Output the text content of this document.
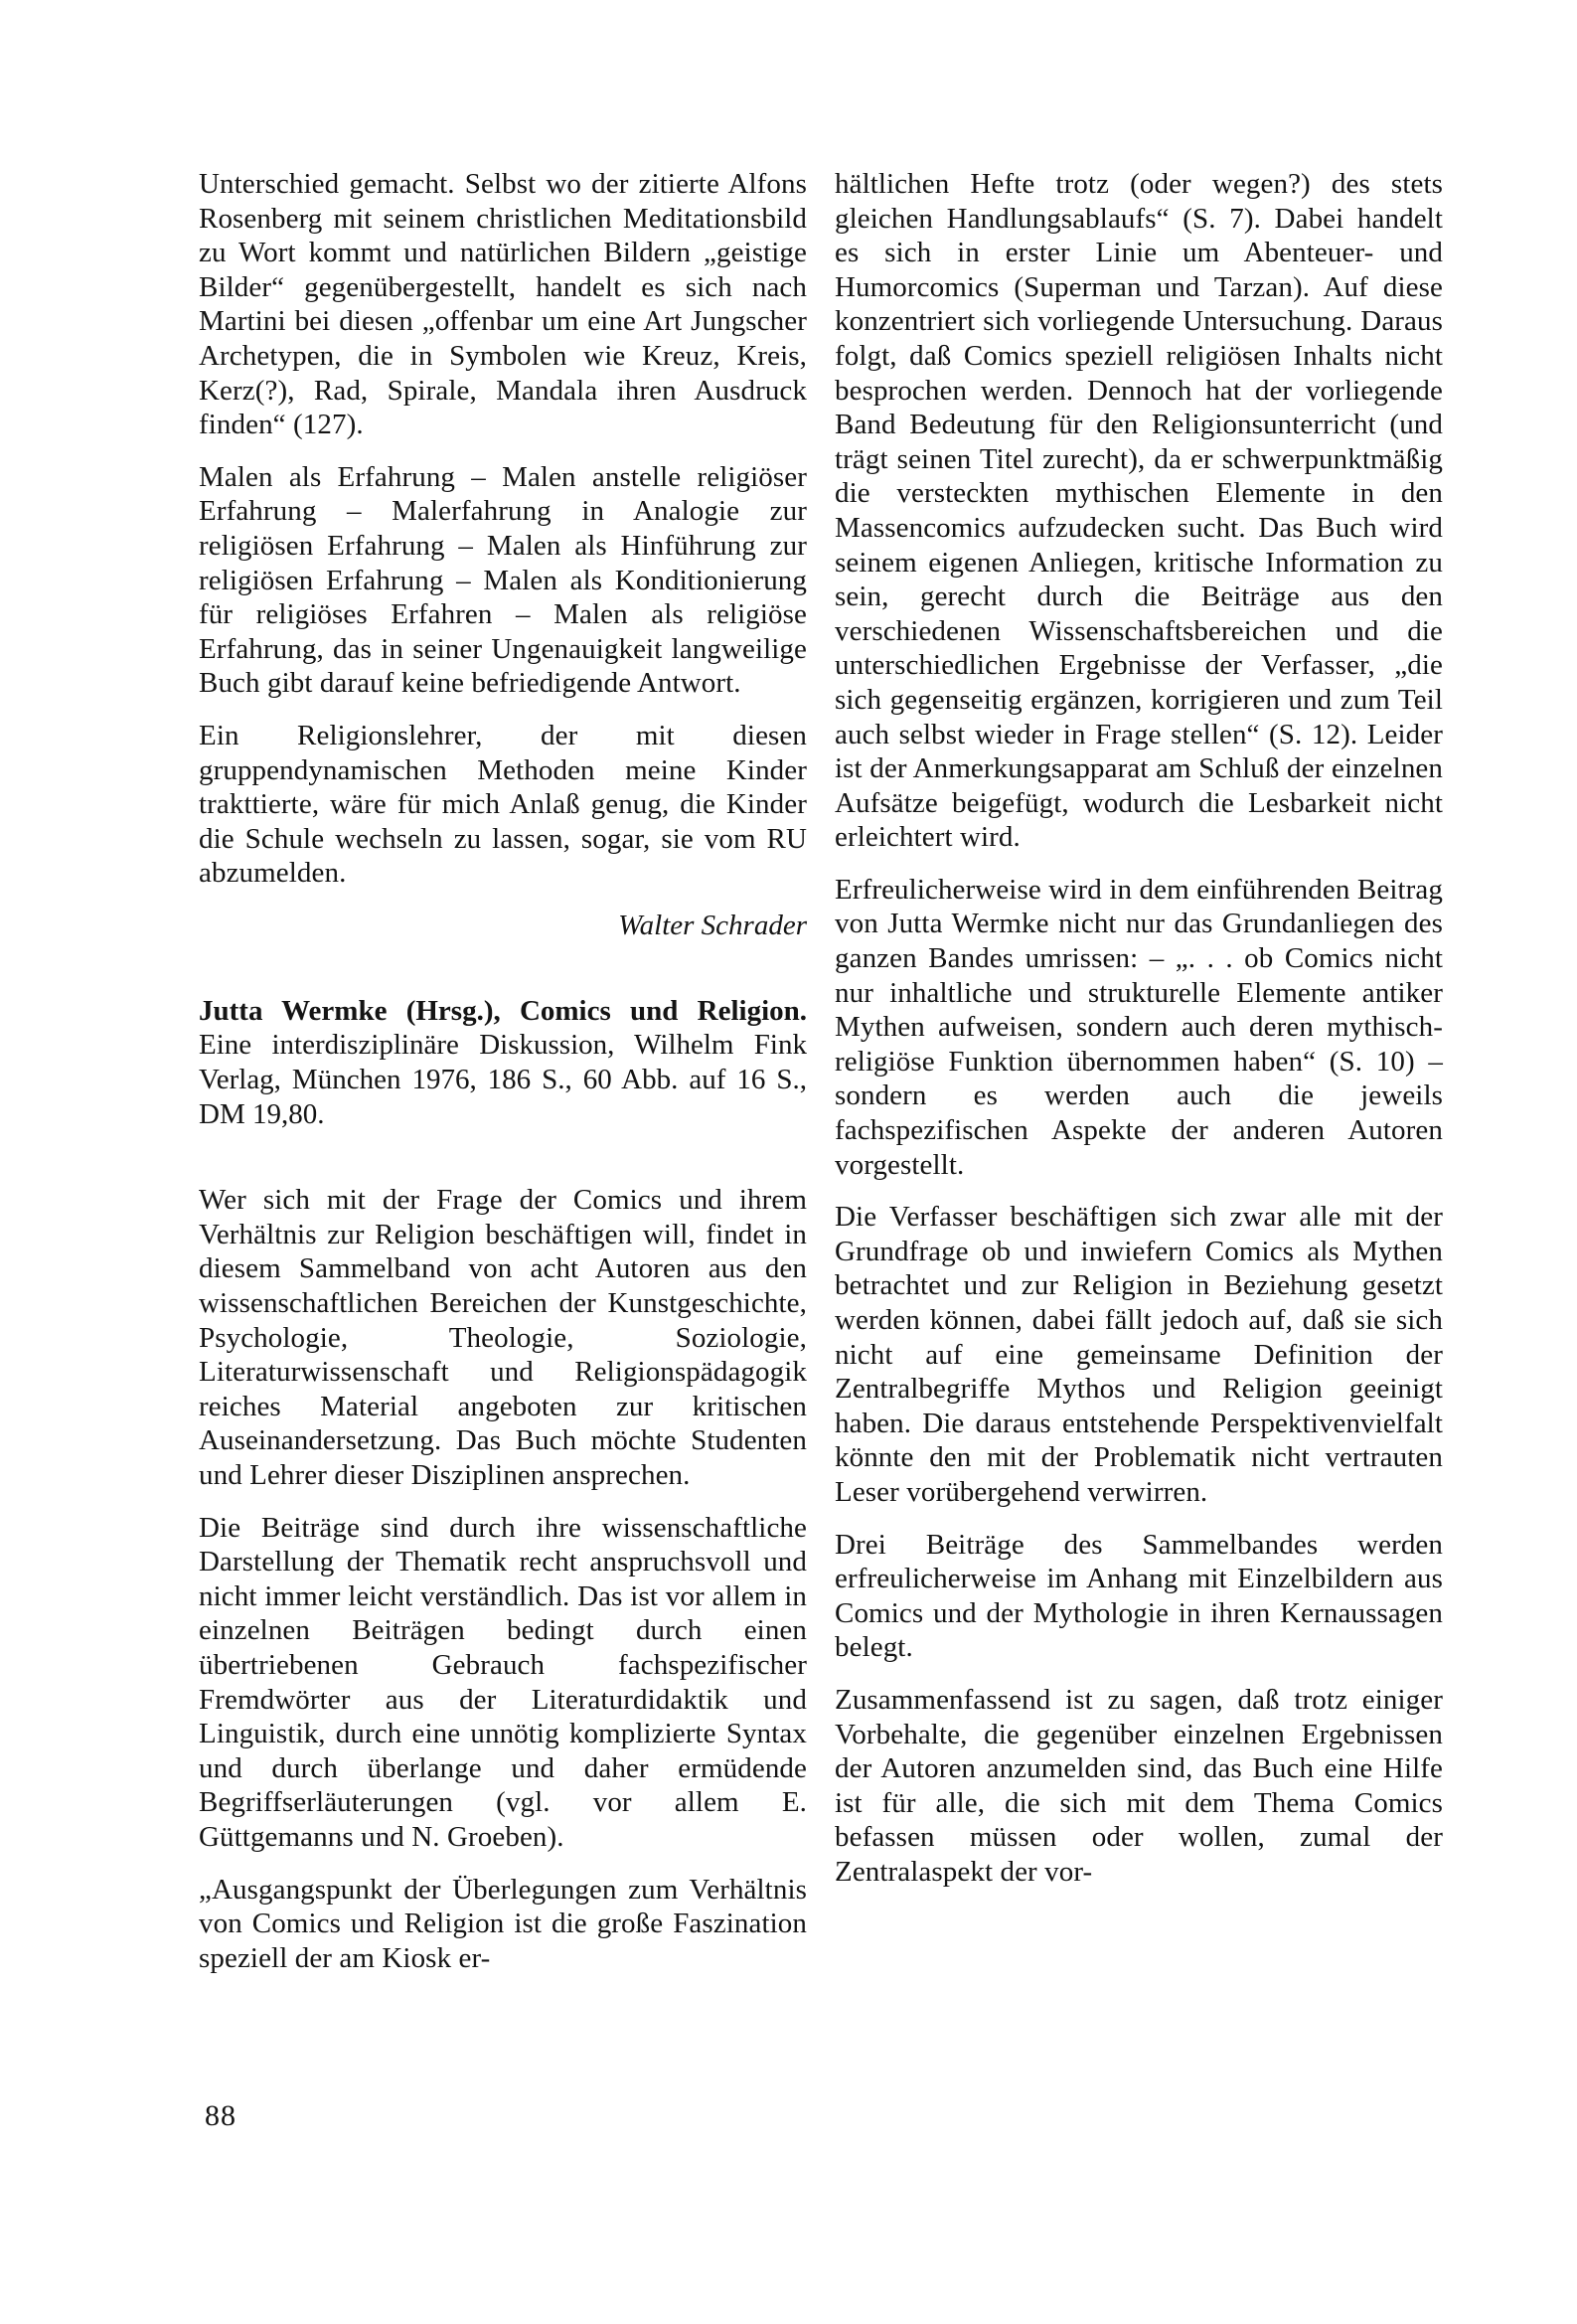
Unterschied gemacht. Selbst wo der zitierte Alfons Rosenberg mit seinem christlichen Meditationsbild zu Wort kommt und natürlichen Bildern „geistige Bilder“ gegenübergestellt, handelt es sich nach Martini bei diesen „offenbar um eine Art Jungscher Archetypen, die in Symbolen wie Kreuz, Kreis, Kerz(?), Rad, Spirale, Mandala ihren Ausdruck finden“ (127).

Malen als Erfahrung – Malen anstelle religiöser Erfahrung – Malerfahrung in Analogie zur religiösen Erfahrung – Malen als Hinführung zur religiösen Erfahrung – Malen als Konditionierung für religiöses Erfahren – Malen als religiöse Erfahrung, das in seiner Ungenauigkeit langweilige Buch gibt darauf keine befriedigende Antwort.

Ein Religionslehrer, der mit diesen gruppendynamischen Methoden meine Kinder trakttierte, wäre für mich Anlaß genug, die Kinder die Schule wechseln zu lassen, sogar, sie vom RU abzumelden.

Walter Schrader
Jutta Wermke (Hrsg.), Comics und Religion. Eine interdisziplinäre Diskussion, Wilhelm Fink Verlag, München 1976, 186 S., 60 Abb. auf 16 S., DM 19,80.

Wer sich mit der Frage der Comics und ihrem Verhältnis zur Religion beschäftigen will, findet in diesem Sammelband von acht Autoren aus den wissenschaftlichen Bereichen der Kunstgeschichte, Psychologie, Theologie, Soziologie, Literaturwissenschaft und Religionspädagogik reiches Material angeboten zur kritischen Auseinandersetzung. Das Buch möchte Studenten und Lehrer dieser Disziplinen ansprechen.

Die Beiträge sind durch ihre wissenschaftliche Darstellung der Thematik recht anspruchsvoll und nicht immer leicht verständlich. Das ist vor allem in einzelnen Beiträgen bedingt durch einen übertriebenen Gebrauch fachspezifischer Fremdwörter aus der Literaturdidaktik und Linguistik, durch eine unnötig komplizierte Syntax und durch überlange und daher ermüdende Begriffserläuterungen (vgl. vor allem E. Güttgemanns und N. Groeben).

„Ausgangspunkt der Überlegungen zum Verhältnis von Comics und Religion ist die große Faszination speziell der am Kiosk er-

hältlichen Hefte trotz (oder wegen?) des stets gleichen Handlungsablaufs“ (S. 7). Dabei handelt es sich in erster Linie um Abenteuer- und Humorcomics (Superman und Tarzan). Auf diese konzentriert sich vorliegende Untersuchung. Daraus folgt, daß Comics speziell religiösen Inhalts nicht besprochen werden. Dennoch hat der vorliegende Band Bedeutung für den Religionsunterricht (und trägt seinen Titel zurecht), da er schwerpunktmäßig die versteckten mythischen Elemente in den Massencomics aufzudecken sucht. Das Buch wird seinem eigenen Anliegen, kritische Information zu sein, gerecht durch die Beiträge aus den verschiedenen Wissenschaftsbereichen und die unterschiedlichen Ergebnisse der Verfasser, „die sich gegenseitig ergänzen, korrigieren und zum Teil auch selbst wieder in Frage stellen“ (S. 12). Leider ist der Anmerkungsapparat am Schluß der einzelnen Aufsätze beigefügt, wodurch die Lesbarkeit nicht erleichtert wird.

Erfreulicherweise wird in dem einführenden Beitrag von Jutta Wermke nicht nur das Grundanliegen des ganzen Bandes umrissen: – „. . . ob Comics nicht nur inhaltliche und strukturelle Elemente antiker Mythen aufweisen, sondern auch deren mythisch-religiöse Funktion übernommen haben“ (S. 10) – sondern es werden auch die jeweils fachspezifischen Aspekte der anderen Autoren vorgestellt.

Die Verfasser beschäftigen sich zwar alle mit der Grundfrage ob und inwiefern Comics als Mythen betrachtet und zur Religion in Beziehung gesetzt werden können, dabei fällt jedoch auf, daß sie sich nicht auf eine gemeinsame Definition der Zentralbegriffe Mythos und Religion geeinigt haben. Die daraus entstehende Perspektivenvielfalt könnte den mit der Problematik nicht vertrauten Leser vorübergehend verwirren.

Drei Beiträge des Sammelbandes werden erfreulicherweise im Anhang mit Einzelbildern aus Comics und der Mythologie in ihren Kernaussagen belegt.

Zusammenfassend ist zu sagen, daß trotz einiger Vorbehalte, die gegenüber einzelnen Ergebnissen der Autoren anzumelden sind, das Buch eine Hilfe ist für alle, die sich mit dem Thema Comics befassen müssen oder wollen, zumal der Zentralaspekt der vor-

88
